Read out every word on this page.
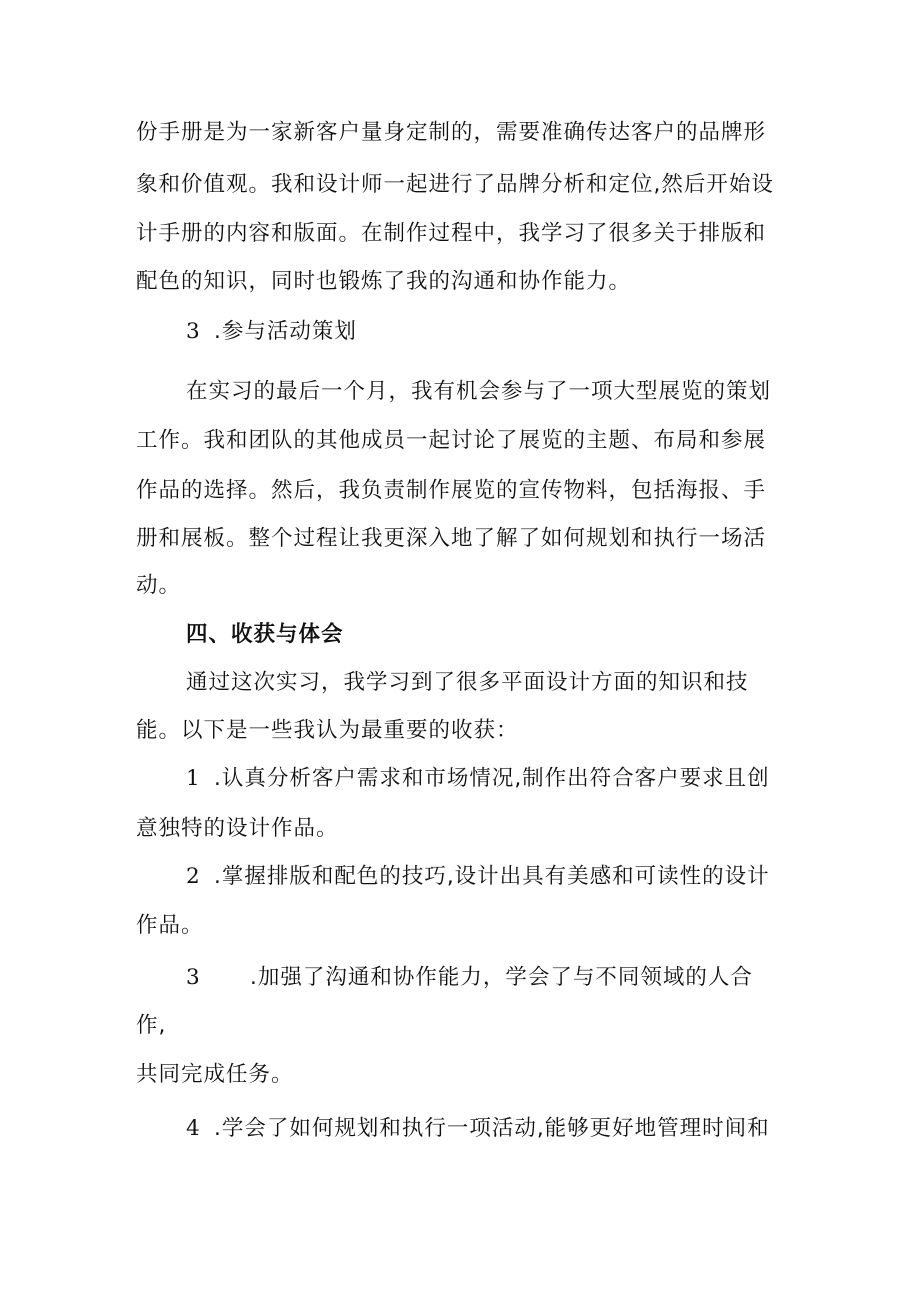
份手册是为一家新客户量身定制的，需要准确传达客户的品牌形

象和价值观。我和设计师一起进行了品牌分析和定位,然后开始设

计手册的内容和版面。在制作过程中，我学习了很多关于排版和

配色的知识，同时也锻炼了我的沟通和协作能力。

3 .参与活动策划

在实习的最后一个月，我有机会参与了一项大型展览的策划

工作。我和团队的其他成员一起讨论了展览的主题、布局和参展

作品的选择。然后，我负责制作展览的宣传物料，包括海报、手

册和展板。整个过程让我更深入地了解了如何规划和执行一场活

动。

四、收获与体会

通过这次实习，我学习到了很多平面设计方面的知识和技

能。以下是一些我认为最重要的收获：

1 .认真分析客户需求和市场情况,制作出符合客户要求且创

意独特的设计作品。

2 .掌握排版和配色的技巧,设计出具有美感和可读性的设计

作品。

3 .加强了沟通和协作能力，学会了与不同领域的人合

作,

共同完成任务。

4 .学会了如何规划和执行一项活动,能够更好地管理时间和
